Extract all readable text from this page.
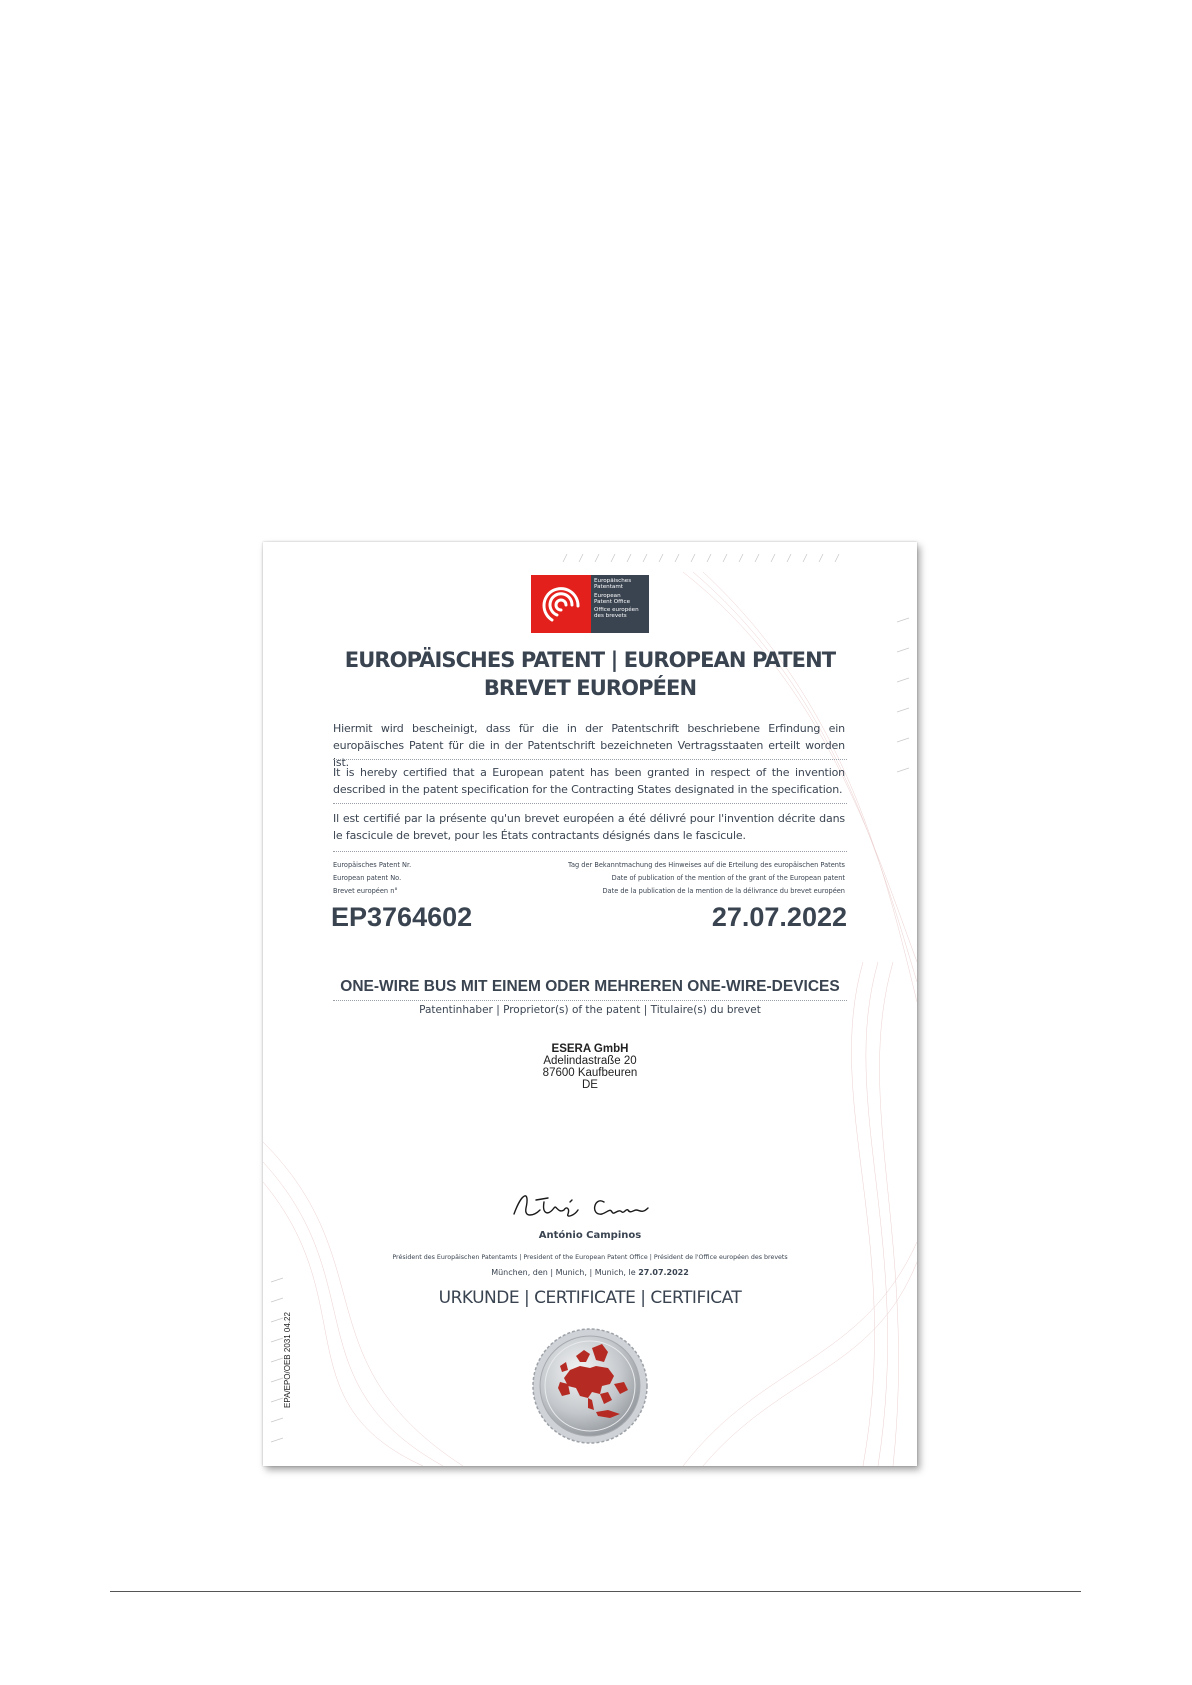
Europäisches
Patentamt
European
Patent Office
Office européen
des brevets
EUROPÄISCHES PATENT | EUROPEAN PATENT
BREVET EUROPÉEN
Hiermit wird bescheinigt, dass für die in der Patentschrift beschriebene Erfindung ein europäisches Patent für die in der Patentschrift bezeichneten Vertragsstaaten erteilt worden ist.
It is hereby certified that a European patent has been granted in respect of the invention described in the patent specification for the Contracting States designated in the specification.
Il est certifié par la présente qu'un brevet européen a été délivré pour l'invention décrite dans le fascicule de brevet, pour les États contractants désignés dans le fascicule.
Europäisches Patent Nr.
European patent No.
Brevet européen n°
Tag der Bekanntmachung des Hinweises auf die Erteilung des europäischen Patents
Date of publication of the mention of the grant of the European patent
Date de la publication de la mention de la délivrance du brevet européen
EP3764602	27.07.2022
ONE-WIRE BUS MIT EINEM ODER MEHREREN ONE-WIRE-DEVICES
Patentinhaber | Proprietor(s) of the patent | Titulaire(s) du brevet
ESERA GmbH
Adelindastraße 20
87600 Kaufbeuren
DE
António Campinos
Président des Europäischen Patentamts | President of the European Patent Office | Président de l'Office européen des brevets
München, den | Munich, | Munich, le 27.07.2022
URKUNDE | CERTIFICATE | CERTIFICAT
EPA/EPO/OEB 2031 04.22
